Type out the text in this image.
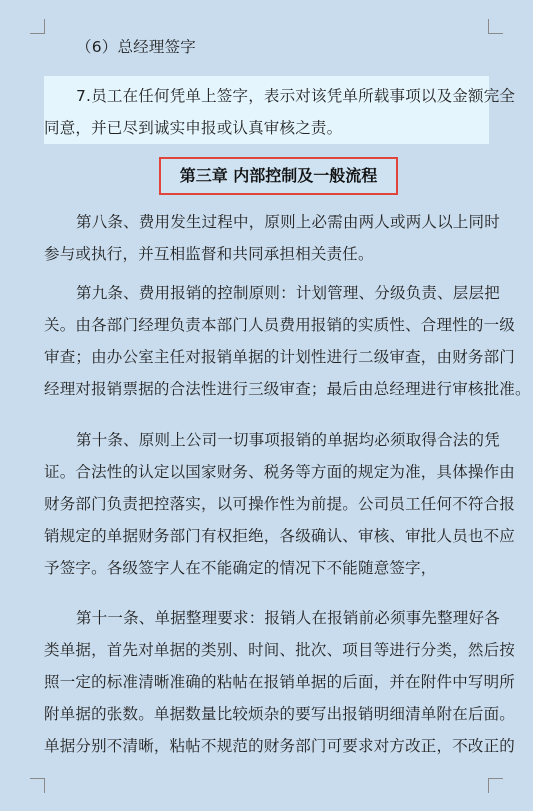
（6）总经理签字
7.员工在任何凭单上签字，表示对该凭单所载事项以及金额完全
同意，并已尽到诚实申报或认真审核之责。
第三章 内部控制及一般流程
第八条、费用发生过程中，原则上必需由两人或两人以上同时
参与或执行，并互相监督和共同承担相关责任。
第九条、费用报销的控制原则：计划管理、分级负责、层层把
关。由各部门经理负责本部门人员费用报销的实质性、合理性的一级
审查；由办公室主任对报销单据的计划性进行二级审查，由财务部门
经理对报销票据的合法性进行三级审查；最后由总经理进行审核批准。
第十条、原则上公司一切事项报销的单据均必须取得合法的凭
证。合法性的认定以国家财务、税务等方面的规定为准，具体操作由
财务部门负责把控落实，以可操作性为前提。公司员工任何不符合报
销规定的单据财务部门有权拒绝，各级确认、审核、审批人员也不应
予签字。各级签字人在不能确定的情况下不能随意签字，
第十一条、单据整理要求：报销人在报销前必须事先整理好各
类单据，首先对单据的类别、时间、批次、项目等进行分类，然后按
照一定的标准清晰准确的粘帖在报销单据的后面，并在附件中写明所
附单据的张数。单据数量比较烦杂的要写出报销明细清单附在后面。
单据分别不清晰，粘帖不规范的财务部门可要求对方改正，不改正的
